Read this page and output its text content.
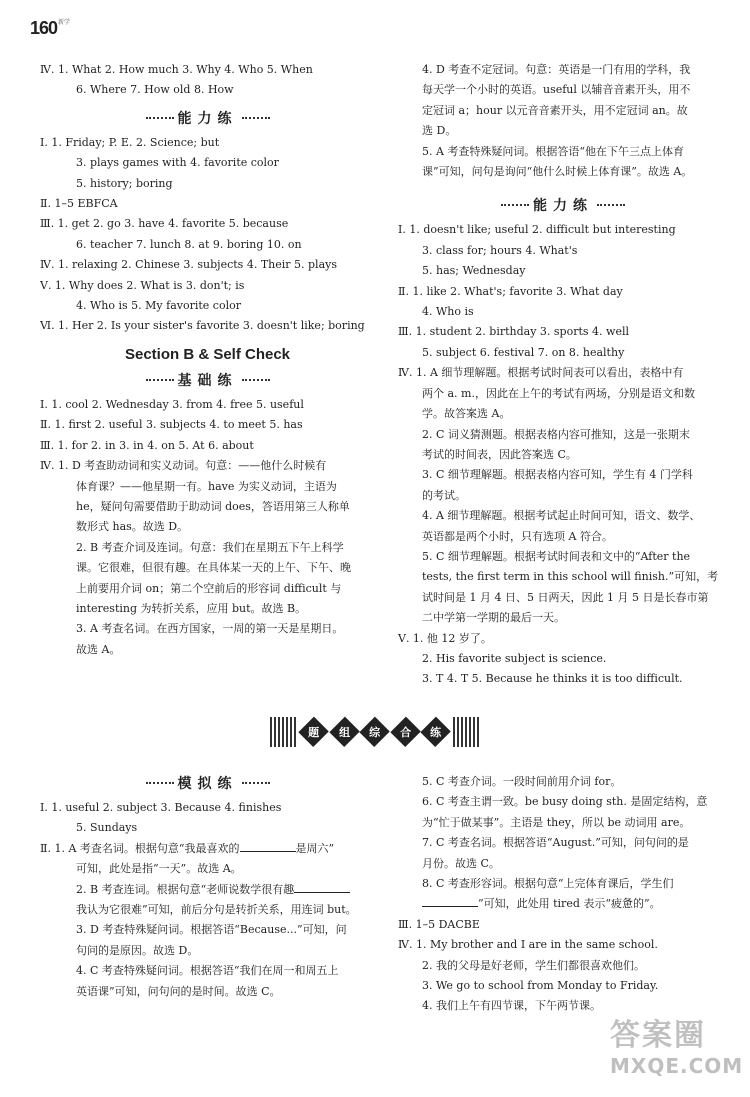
160 新学
Ⅳ. 1. What 2. How much 3. Why 4. Who 5. When
6. Where 7. How old 8. How
能力练
Ⅰ. 1. Friday; P. E. 2. Science; but
3. plays games with 4. favorite color
5. history; boring
Ⅱ. 1–5 EBFCA
Ⅲ. 1. get 2. go 3. have 4. favorite 5. because
6. teacher 7. lunch 8. at 9. boring 10. on
Ⅳ. 1. relaxing 2. Chinese 3. subjects 4. Their 5. plays
Ⅴ. 1. Why does 2. What is 3. don't; is
4. Who is 5. My favorite color
Ⅵ. 1. Her 2. Is your sister's favorite 3. doesn't like; boring
Section B & Self Check
基础练
Ⅰ. 1. cool 2. Wednesday 3. from 4. free 5. useful
Ⅱ. 1. first 2. useful 3. subjects 4. to meet 5. has
Ⅲ. 1. for 2. in 3. in 4. on 5. At 6. about
Ⅳ. 1. D 考查助动词和实义动词。句意：——他什么时候有
体育课？——他星期一有。have 为实义动词，主语为
he，疑问句需要借助于助动词 does，答语用第三人称单
数形式 has。故选 D。
2. B 考查介词及连词。句意：我们在星期五下午上科学
课。它很难，但很有趣。在具体某一天的上午、下午、晚
上前要用介词 on；第二个空前后的形容词 difficult 与
interesting 为转折关系，应用 but。故选 B。
3. A 考查名词。在西方国家，一周的第一天是星期日。
故选 A。
4. D 考查不定冠词。句意：英语是一门有用的学科，我
每天学一个小时的英语。useful 以辅音音素开头，用不
定冠词 a；hour 以元音音素开头，用不定冠词 an。故
选 D。
5. A 考查特殊疑问词。根据答语“他在下午三点上体育
课”可知，问句是询问“他什么时候上体育课”。故选 A。
能力练
Ⅰ. 1. doesn't like; useful 2. difficult but interesting
3. class for; hours 4. What's
5. has; Wednesday
Ⅱ. 1. like 2. What's; favorite 3. What day
4. Who is
Ⅲ. 1. student 2. birthday 3. sports 4. well
5. subject 6. festival 7. on 8. healthy
Ⅳ. 1. A 细节理解题。根据考试时间表可以看出，表格中有
两个 a. m.，因此在上午的考试有两场，分别是语文和数
学。故答案选 A。
2. C 词义猜测题。根据表格内容可推知，这是一张期末
考试的时间表，因此答案选 C。
3. C 细节理解题。根据表格内容可知，学生有 4 门学科
的考试。
4. A 细节理解题。根据考试起止时间可知，语文、数学、
英语都是两个小时，只有选项 A 符合。
5. C 细节理解题。根据考试时间表和文中的“After the
tests, the first term in this school will finish.”可知，考
试时间是 1 月 4 日、5 日两天，因此 1 月 5 日是长春市第
二中学第一学期的最后一天。
Ⅴ. 1. 他 12 岁了。
2. His favorite subject is science.
3. T 4. T 5. Because he thinks it is too difficult.
题 组 综 合 练
模拟练
Ⅰ. 1. useful 2. subject 3. Because 4. finishes
5. Sundays
Ⅱ. 1. A 考查名词。根据句意“我最喜欢的	是周六”
可知，此处是指“一天”。故选 A。
2. B 考查连词。根据句意“老师说数学很有趣
我认为它很难”可知，前后分句是转折关系，用连词 but。
3. D 考查特殊疑问词。根据答语“Because...”可知，问
句问的是原因。故选 D。
4. C 考查特殊疑问词。根据答语“我们在周一和周五上
英语课”可知，问句问的是时间。故选 C。
5. C 考查介词。一段时间前用介词 for。
6. C 考查主谓一致。be busy doing sth. 是固定结构，意
为“忙于做某事”。主语是 they，所以 be 动词用 are。
7. C 考查名词。根据答语“August.”可知，问句问的是
月份。故选 C。
8. C 考查形容词。根据句意“上完体育课后，学生们
”可知，此处用 tired 表示“疲惫的”。
Ⅲ. 1–5 DACBE
Ⅳ. 1. My brother and I are in the same school.
2. 我的父母是好老师，学生们都很喜欢他们。
3. We go to school from Monday to Friday.
4. 我们上午有四节课，下午两节课。
答案圈
MXQE.COM
